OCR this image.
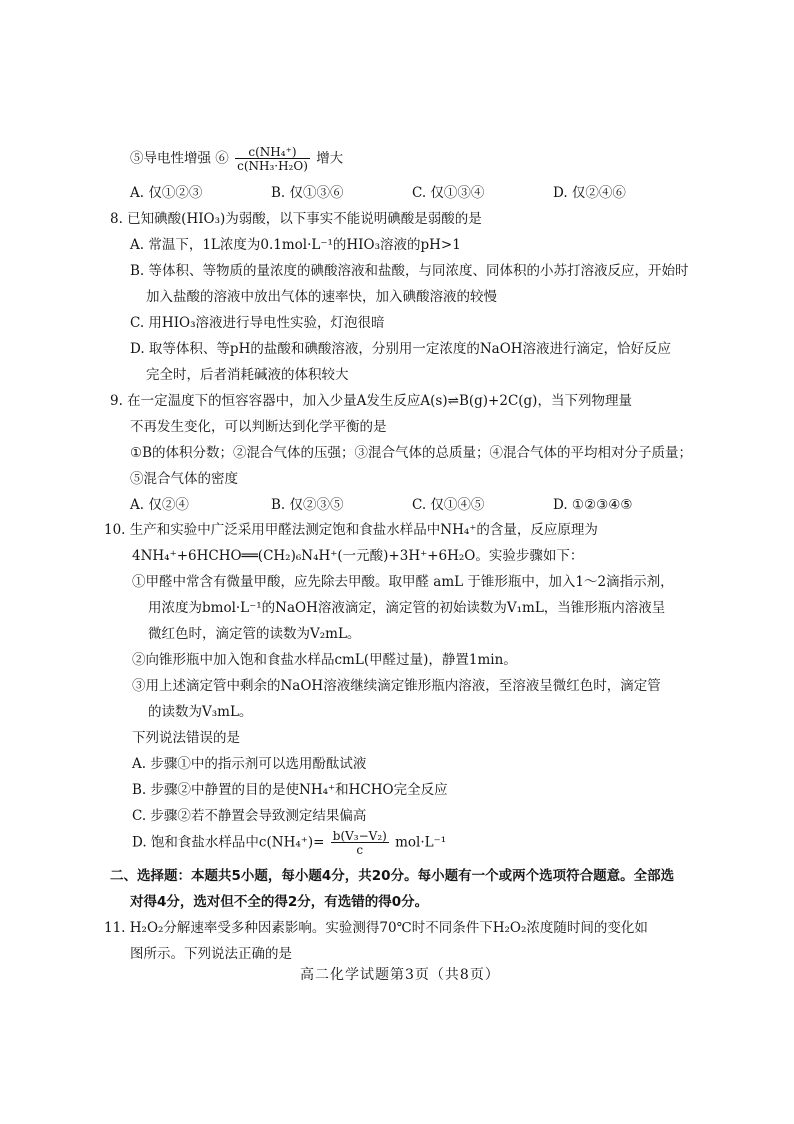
⑤导电性增强 ⑥ $\frac{\text{c(NH₄⁺)}}{\text{c(NH₃·H₂O)}}$ 增大
A. 仅①②③	B. 仅①③⑥	C. 仅①③④	D. 仅②④⑥
8. 已知碘酸(HIO₃)为弱酸，以下事实不能说明碘酸是弱酸的是
A. 常温下，1L浓度为0.1mol·L⁻¹的HIO₃溶液的pH>1
B. 等体积、等物质的量浓度的碘酸溶液和盐酸，与同浓度、同体积的小苏打溶液反应，开始时
加入盐酸的溶液中放出气体的速率快，加入碘酸溶液的较慢
C. 用HIO₃溶液进行导电性实验，灯泡很暗
D. 取等体积、等pH的盐酸和碘酸溶液，分别用一定浓度的NaOH溶液进行滴定，恰好反应
完全时，后者消耗碱液的体积较大
9. 在一定温度下的恒容容器中，加入少量A发生反应A(s)⇌B(g)+2C(g)，当下列物理量
不再发生变化，可以判断达到化学平衡的是
①B的体积分数；②混合气体的压强；③混合气体的总质量；④混合气体的平均相对分子质量；
⑤混合气体的密度
A. 仅②④	B. 仅②③⑤	C. 仅①④⑤	D. ①②③④⑤
10. 生产和实验中广泛采用甲醛法测定饱和食盐水样品中NH₄⁺的含量，反应原理为
4NH₄⁺+6HCHO══(CH₂)₆N₄H⁺(一元酸)+3H⁺+6H₂O。实验步骤如下：
①甲醛中常含有微量甲酸，应先除去甲酸。取甲醛 amL 于锥形瓶中，加入1～2滴指示剂，
用浓度为bmol·L⁻¹的NaOH溶液滴定，滴定管的初始读数为V₁mL，当锥形瓶内溶液呈
微红色时，滴定管的读数为V₂mL。
②向锥形瓶中加入饱和食盐水样品cmL(甲醛过量)，静置1min。
③用上述滴定管中剩余的NaOH溶液继续滴定锥形瓶内溶液，至溶液呈微红色时，滴定管
的读数为V₃mL。
下列说法错误的是
A. 步骤①中的指示剂可以选用酚酞试液
B. 步骤②中静置的目的是使NH₄⁺和HCHO完全反应
C. 步骤②若不静置会导致测定结果偏高
D. 饱和食盐水样品中$c(NH_4^+)= \frac{\text{b(V₃−V₂)}}{c} mol\cdot L^{-1}$
二、选择题：本题共5小题，每小题4分，共20分。每小题有一个或两个选项符合题意。全部选
对得4分，选对但不全的得2分，有选错的得0分。
11. H₂O₂分解速率受多种因素影响。实验测得70℃时不同条件下H₂O₂浓度随时间的变化如
图所示。下列说法正确的是
高二化学试题第3页（共8页）
